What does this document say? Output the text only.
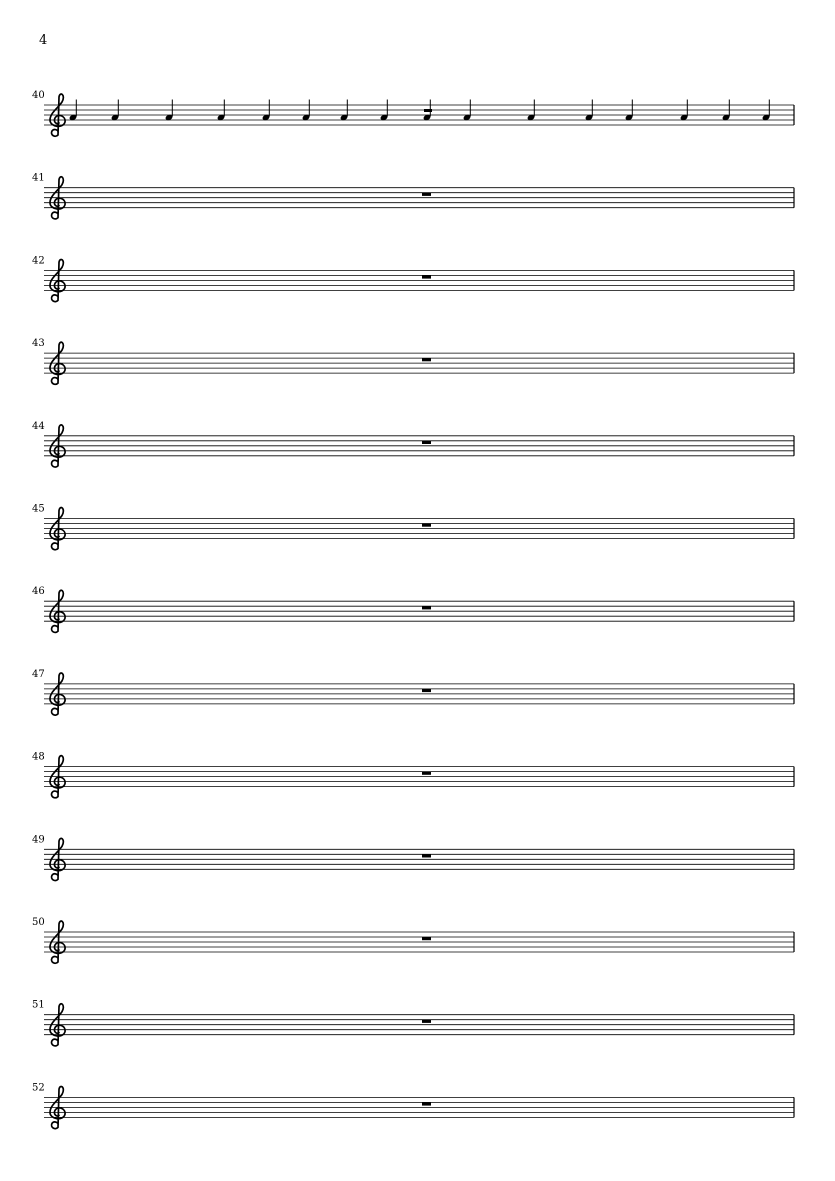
4
40
41
42
43
44
45
46
47
48
49
50
51
52
